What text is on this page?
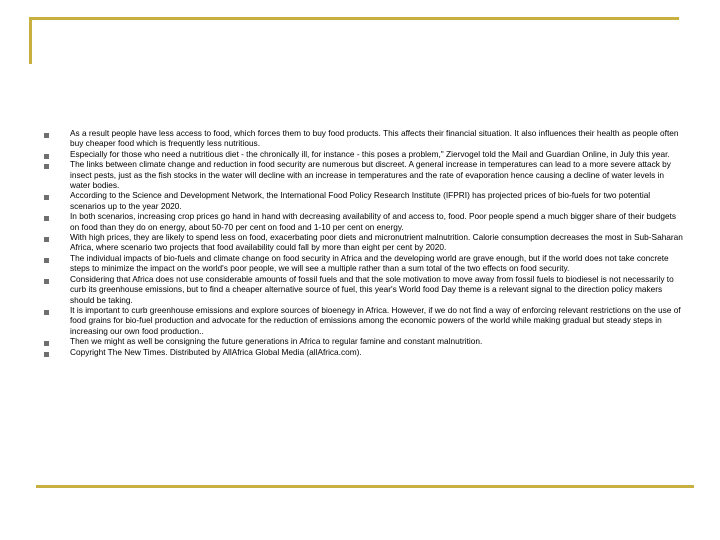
As a result people have less access to food, which forces them to buy food products. This affects their financial situation. It also influences their health as people often buy cheaper food which is frequently less nutritious.
Especially for those who need a nutritious diet - the chronically ill, for instance - this poses a problem," Ziervogel told the Mail and Guardian Online, in July this year.
The links between climate change and reduction in food security are numerous but discreet. A general increase in temperatures can lead to a more severe attack by insect pests, just as the fish stocks in the water will decline with an increase in temperatures and the rate of evaporation hence causing a decline of water levels in water bodies.
According to the Science and Development Network, the International Food Policy Research Institute (IFPRI) has projected prices of bio-fuels for two potential scenarios up to the year 2020.
In both scenarios, increasing crop prices go hand in hand with decreasing availability of and access to, food. Poor people spend a much bigger share of their budgets on food than they do on energy, about 50-70 per cent on food and 1-10 per cent on energy.
With high prices, they are likely to spend less on food, exacerbating poor diets and micronutrient malnutrition. Calorie consumption decreases the most in Sub-Saharan Africa, where scenario two projects that food availability could fall by more than eight per cent by 2020.
The individual impacts of bio-fuels and climate change on food security in Africa and the developing world are grave enough, but if the world does not take concrete steps to minimize the impact on the world's poor people, we will see a multiple rather than a sum total of the two effects on food security.
Considering that Africa does not use considerable amounts of fossil fuels and that the sole motivation to move away from fossil fuels to biodiesel is not necessarily to curb its greenhouse emissions, but to find a cheaper alternative source of fuel, this year's World food Day theme is a relevant signal to the direction policy makers should be taking.
It is important to curb greenhouse emissions and explore sources of bioenegy in Africa. However, if we do not find a way of enforcing relevant restrictions on the use of food grains for bio-fuel production and advocate for the reduction of emissions among the economic powers of the world while making gradual but steady steps in increasing our own food production..
Then we might as well be consigning the future generations in Africa to regular famine and constant malnutrition.
Copyright The New Times. Distributed by AllAfrica Global Media (allAfrica.com).
